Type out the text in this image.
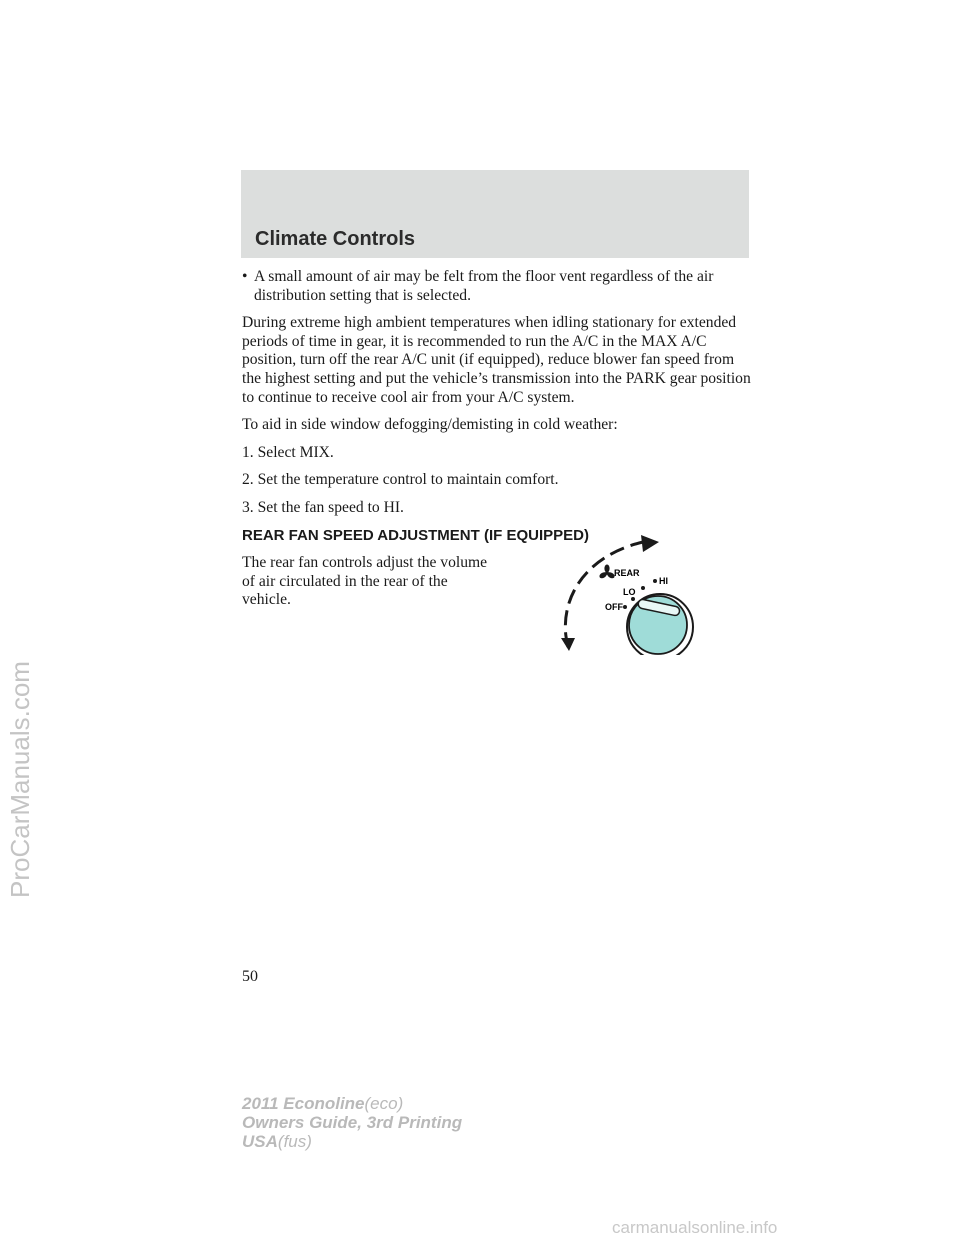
Climate Controls
• A small amount of air may be felt from the floor vent regardless of the air distribution setting that is selected.

During extreme high ambient temperatures when idling stationary for extended periods of time in gear, it is recommended to run the A/C in the MAX A/C position, turn off the rear A/C unit (if equipped), reduce blower fan speed from the highest setting and put the vehicle’s transmission into the PARK gear position to continue to receive cool air from your A/C system.

To aid in side window defogging/demisting in cold weather:

1. Select MIX.

2. Set the temperature control to maintain comfort.

3. Set the fan speed to HI.

REAR FAN SPEED ADJUSTMENT (IF EQUIPPED)

The rear fan controls adjust the volume of air circulated in the rear of the vehicle.

REAR
HI
LO
OFF
50
ProCarManuals.com
2011 Econoline(eco)
Owners Guide, 3rd Printing
USA(fus)
carmanualsonline.info
